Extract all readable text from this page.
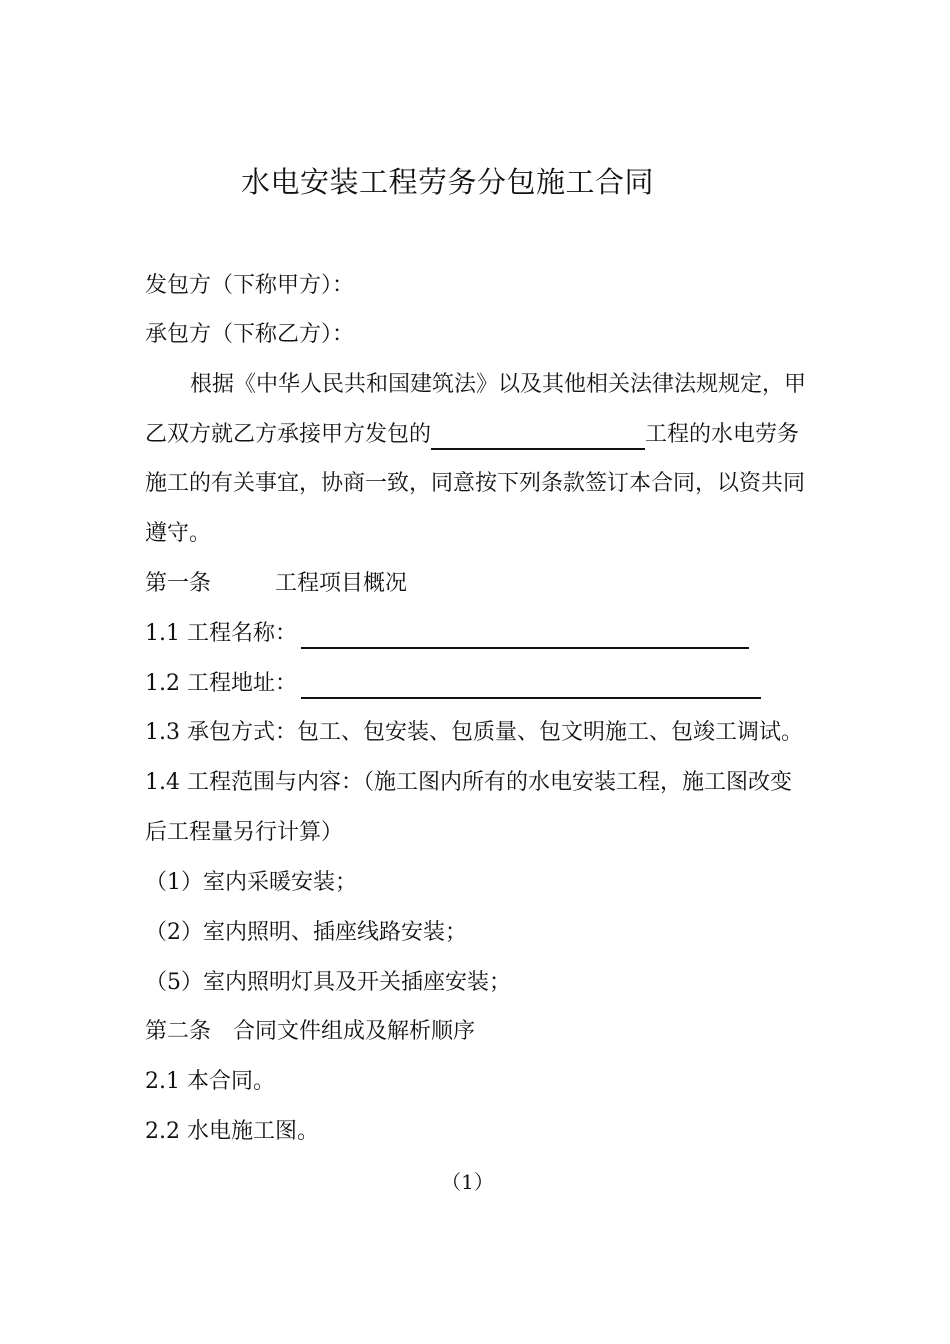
水电安装工程劳务分包施工合同
发包方（下称甲方）：
承包方（下称乙方）：
根据《中华人民共和国建筑法》以及其他相关法律法规规定，甲
乙双方就乙方承接甲方发包的	工程的水电劳务
施工的有关事宜，协商一致，同意按下列条款签订本合同，以资共同
遵守。
第一条	工程项目概况
1.1 工程名称：
1.2 工程地址：
1.3 承包方式：包工、包安装、包质量、包文明施工、包竣工调试。
1.4 工程范围与内容：（施工图内所有的水电安装工程，施工图改变
后工程量另行计算）
（1）室内采暖安装；
（2）室内照明、插座线路安装；
（5）室内照明灯具及开关插座安装；
第二条 合同文件组成及解析顺序
2.1 本合同。
2.2 水电施工图。
（1）
